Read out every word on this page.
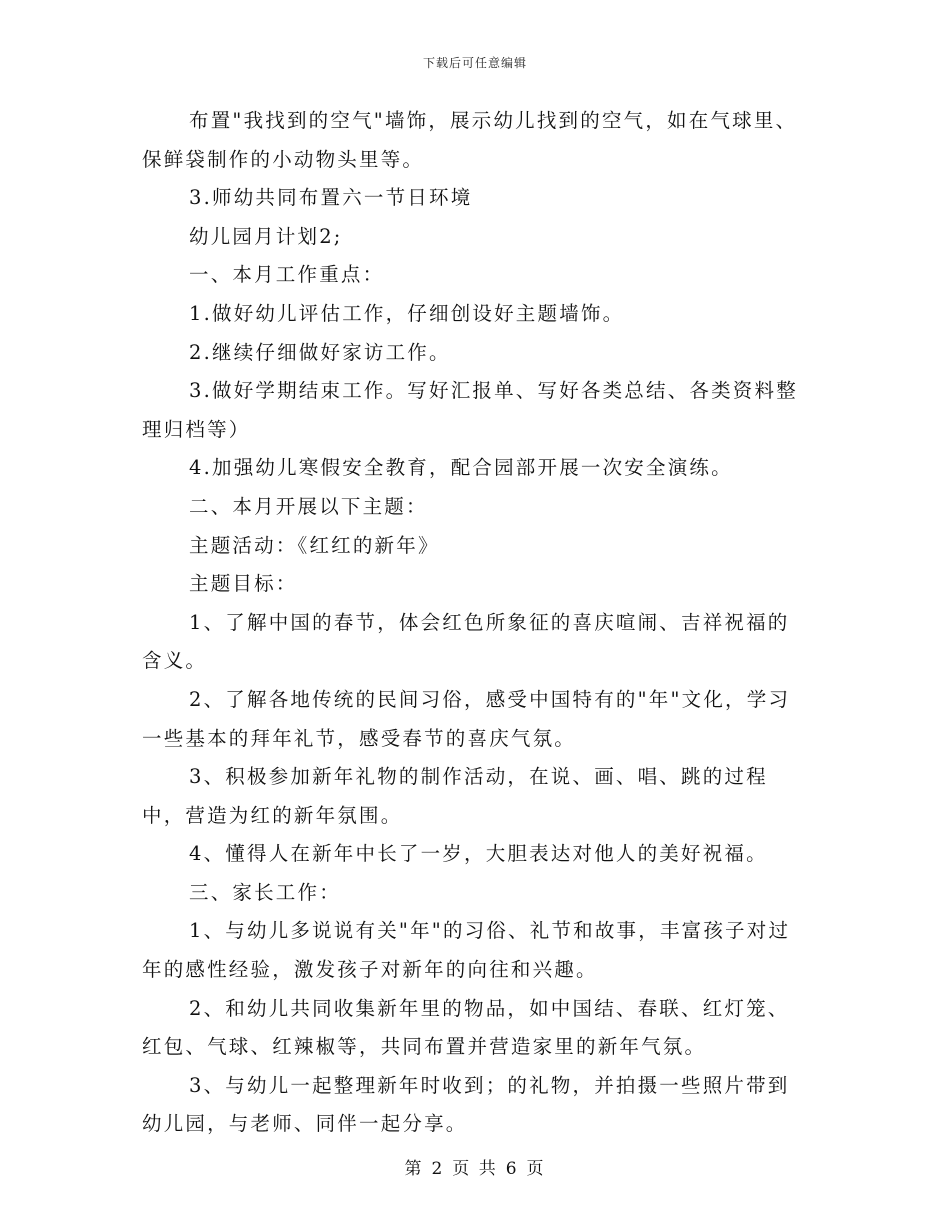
下载后可任意编辑

布置"我找到的空气"墙饰，展示幼儿找到的空气，如在气球里、保鲜袋制作的小动物头里等。

3.师幼共同布置六一节日环境

幼儿园月计划2;

一、本月工作重点：

1.做好幼儿评估工作，仔细创设好主题墙饰。

2.继续仔细做好家访工作。

3.做好学期结束工作。写好汇报单、写好各类总结、各类资料整理归档等）

4.加强幼儿寒假安全教育，配合园部开展一次安全演练。

二、本月开展以下主题：

主题活动：《红红的新年》

主题目标：

1、了解中国的春节，体会红色所象征的喜庆喧闹、吉祥祝福的含义。

2、了解各地传统的民间习俗，感受中国特有的"年"文化，学习一些基本的拜年礼节，感受春节的喜庆气氛。

3、积极参加新年礼物的制作活动，在说、画、唱、跳的过程中，营造为红的新年氛围。

4、懂得人在新年中长了一岁，大胆表达对他人的美好祝福。

三、家长工作：

1、与幼儿多说说有关"年"的习俗、礼节和故事，丰富孩子对过年的感性经验，激发孩子对新年的向往和兴趣。

2、和幼儿共同收集新年里的物品，如中国结、春联、红灯笼、红包、气球、红辣椒等，共同布置并营造家里的新年气氛。

3、与幼儿一起整理新年时收到；的礼物，并拍摄一些照片带到幼儿园，与老师、同伴一起分享。

第 2 页 共 6 页
